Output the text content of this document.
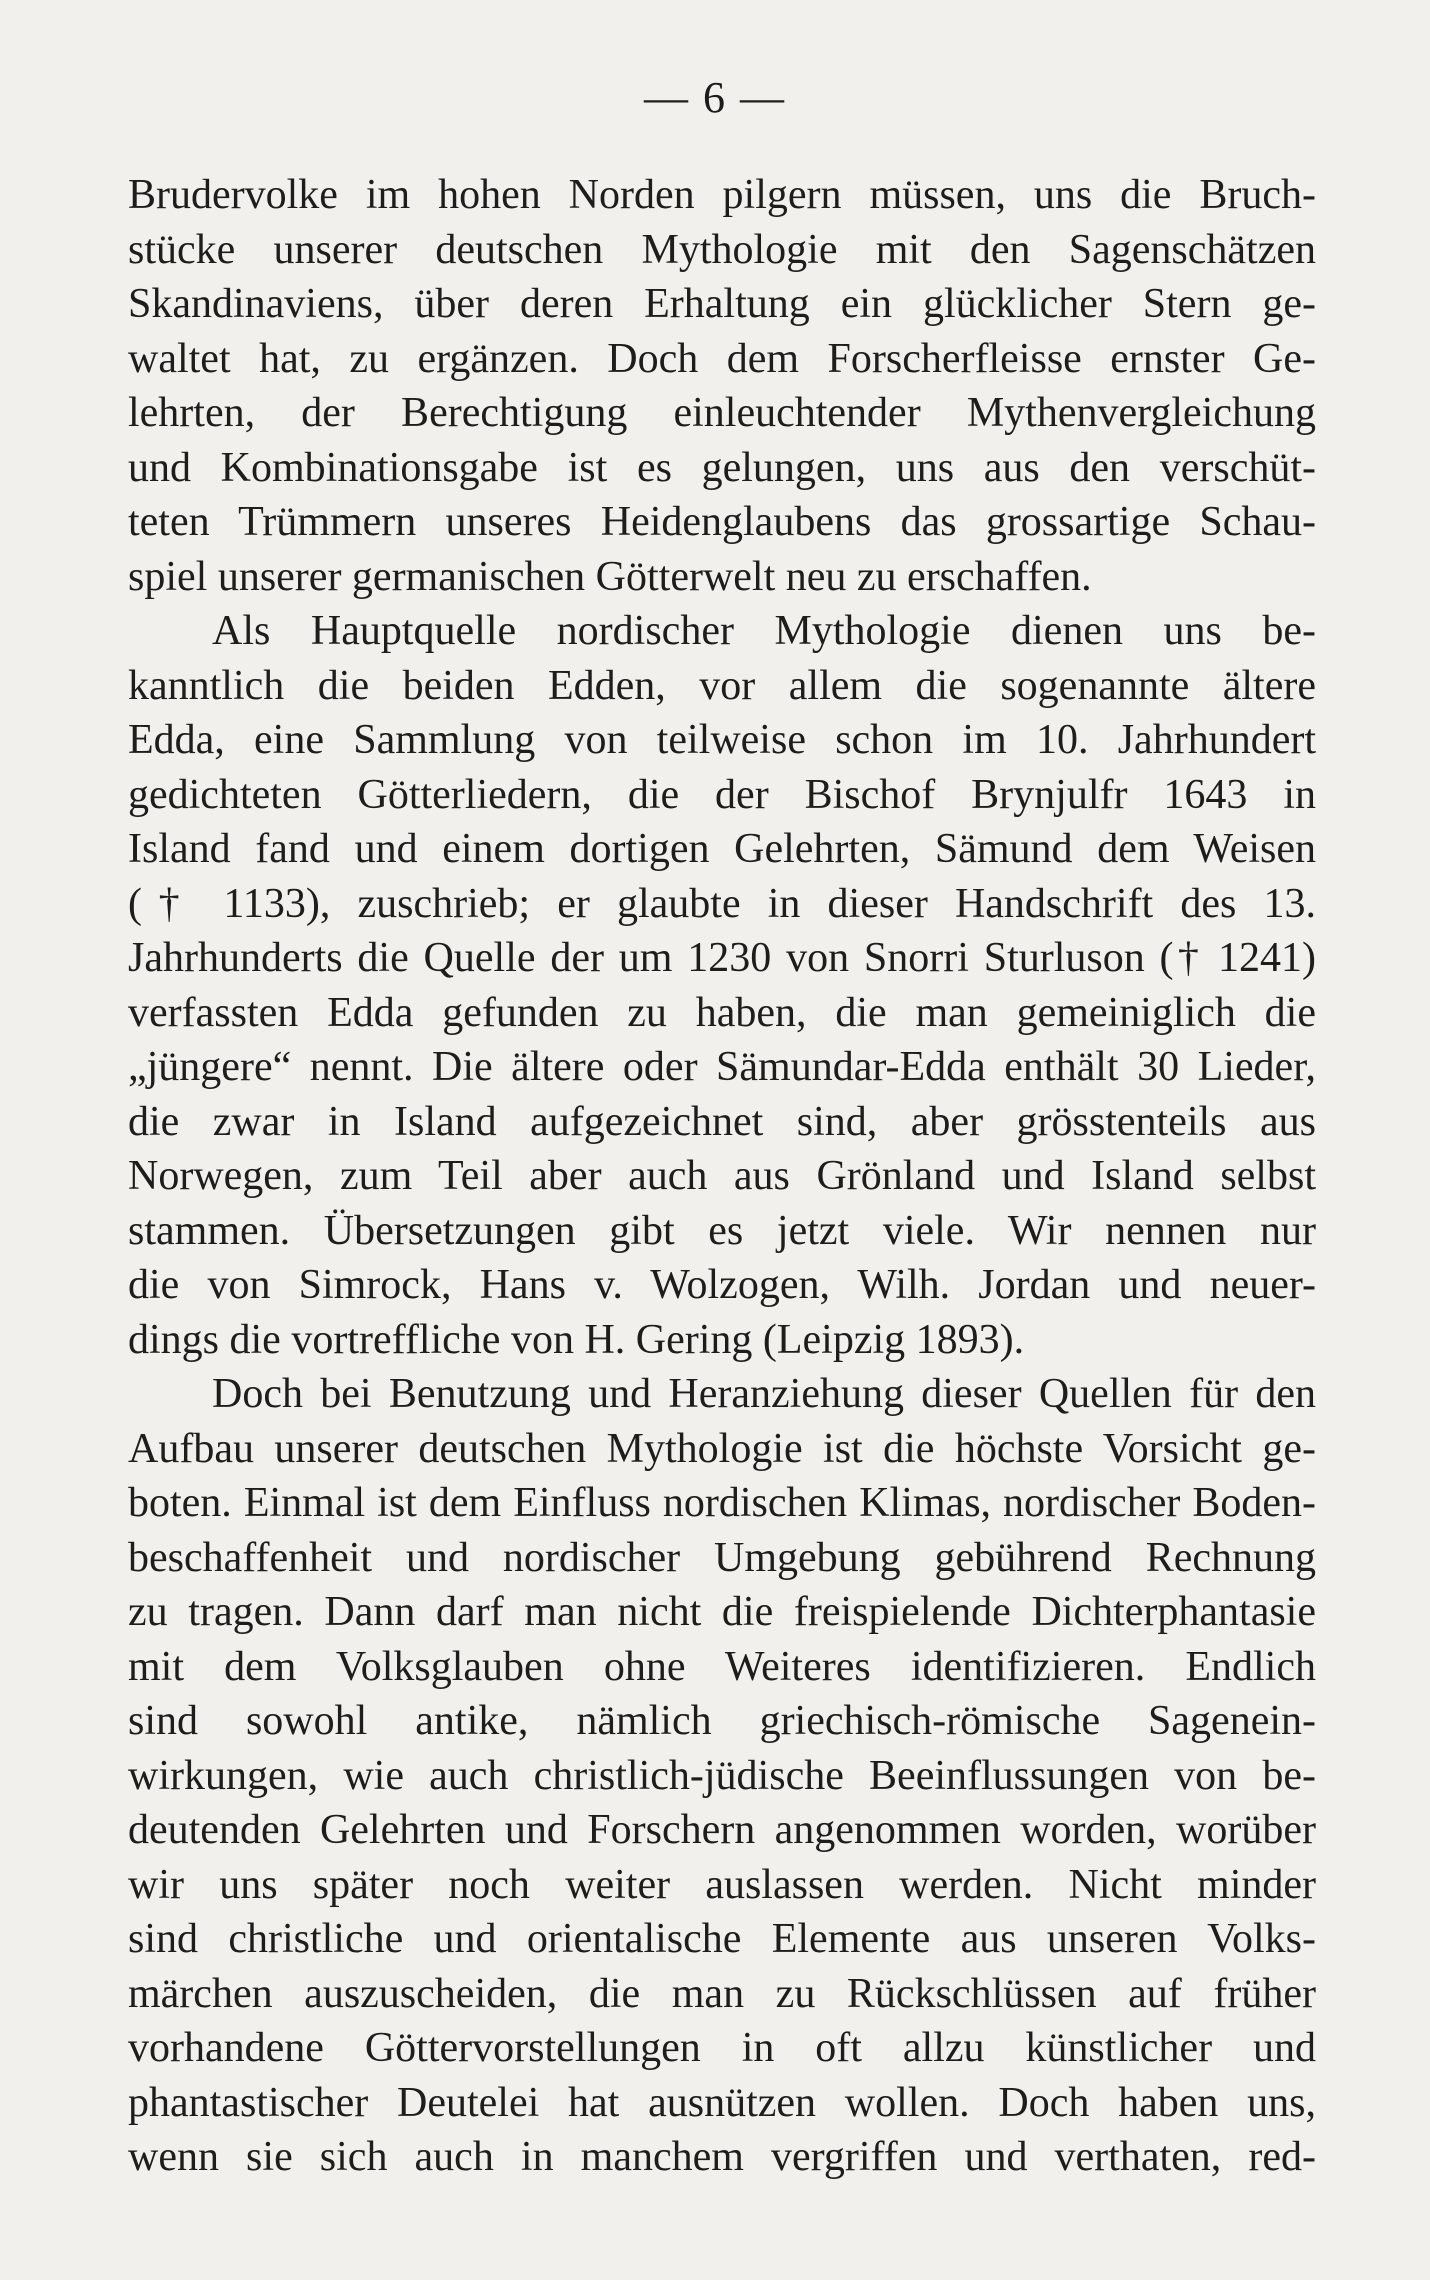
— 6 —
Brudervolke im hohen Norden pilgern müssen, uns die Bruch-
stücke unserer deutschen Mythologie mit den Sagenschätzen
Skandinaviens, über deren Erhaltung ein glücklicher Stern ge-
waltet hat, zu ergänzen. Doch dem Forscherfleisse ernster Ge-
lehrten, der Berechtigung einleuchtender Mythenvergleichung
und Kombinationsgabe ist es gelungen, uns aus den verschüt-
teten Trümmern unseres Heidenglaubens das grossartige Schau-
spiel unserer germanischen Götterwelt neu zu erschaffen.
Als Hauptquelle nordischer Mythologie dienen uns be-
kanntlich die beiden Edden, vor allem die sogenannte ältere
Edda, eine Sammlung von teilweise schon im 10. Jahrhundert
gedichteten Götterliedern, die der Bischof Brynjulfr 1643 in
Island fand und einem dortigen Gelehrten, Sämund dem Weisen
(† 1133), zuschrieb; er glaubte in dieser Handschrift des 13.
Jahrhunderts die Quelle der um 1230 von Snorri Sturluson († 1241)
verfassten Edda gefunden zu haben, die man gemeiniglich die
„jüngere“ nennt. Die ältere oder Sämundar-Edda enthält 30 Lieder,
die zwar in Island aufgezeichnet sind, aber grösstenteils aus
Norwegen, zum Teil aber auch aus Grönland und Island selbst
stammen. Übersetzungen gibt es jetzt viele. Wir nennen nur
die von Simrock, Hans v. Wolzogen, Wilh. Jordan und neuer-
dings die vortreffliche von H. Gering (Leipzig 1893).
Doch bei Benutzung und Heranziehung dieser Quellen für den
Aufbau unserer deutschen Mythologie ist die höchste Vorsicht ge-
boten. Einmal ist dem Einfluss nordischen Klimas, nordischer Boden-
beschaffenheit und nordischer Umgebung gebührend Rechnung
zu tragen. Dann darf man nicht die freispielende Dichterphantasie
mit dem Volksglauben ohne Weiteres identifizieren. Endlich
sind sowohl antike, nämlich griechisch-römische Sagenein-
wirkungen, wie auch christlich-jüdische Beeinflussungen von be-
deutenden Gelehrten und Forschern angenommen worden, worüber
wir uns später noch weiter auslassen werden. Nicht minder
sind christliche und orientalische Elemente aus unseren Volks-
märchen auszuscheiden, die man zu Rückschlüssen auf früher
vorhandene Göttervorstellungen in oft allzu künstlicher und
phantastischer Deutelei hat ausnützen wollen. Doch haben uns,
wenn sie sich auch in manchem vergriffen und verthaten, red-
